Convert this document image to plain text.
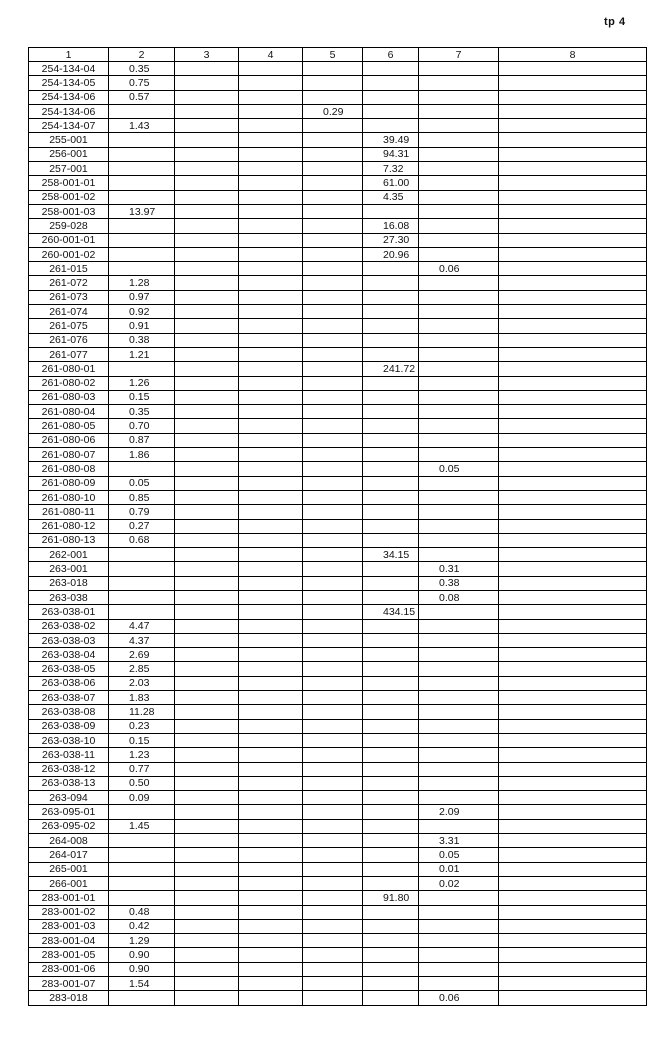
tp 4
1	2	3	4	5	6	7	8
254-134-04	0.35						
254-134-05	0.75						
254-134-06	0.57						
254-134-06				0.29			
254-134-07	1.43						
255-001					39.49		
256-001					94.31		
257-001					7.32		
258-001-01					61.00		
258-001-02					4.35		
258-001-03	13.97						
259-028					16.08		
260-001-01					27.30		
260-001-02					20.96		
261-015						0.06	
261-072	1.28						
261-073	0.97						
261-074	0.92						
261-075	0.91						
261-076	0.38						
261-077	1.21						
261-080-01					241.72		
261-080-02	1.26						
261-080-03	0.15						
261-080-04	0.35						
261-080-05	0.70						
261-080-06	0.87						
261-080-07	1.86						
261-080-08						0.05	
261-080-09	0.05						
261-080-10	0.85						
261-080-11	0.79						
261-080-12	0.27						
261-080-13	0.68						
262-001					34.15		
263-001						0.31	
263-018						0.38	
263-038						0.08	
263-038-01					434.15		
263-038-02	4.47						
263-038-03	4.37						
263-038-04	2.69						
263-038-05	2.85						
263-038-06	2.03						
263-038-07	1.83						
263-038-08	11.28						
263-038-09	0.23						
263-038-10	0.15						
263-038-11	1.23						
263-038-12	0.77						
263-038-13	0.50						
263-094	0.09						
263-095-01						2.09	
263-095-02	1.45						
264-008						3.31	
264-017						0.05	
265-001						0.01	
266-001						0.02	
283-001-01					91.80		
283-001-02	0.48						
283-001-03	0.42						
283-001-04	1.29						
283-001-05	0.90						
283-001-06	0.90						
283-001-07	1.54						
283-018						0.06	
